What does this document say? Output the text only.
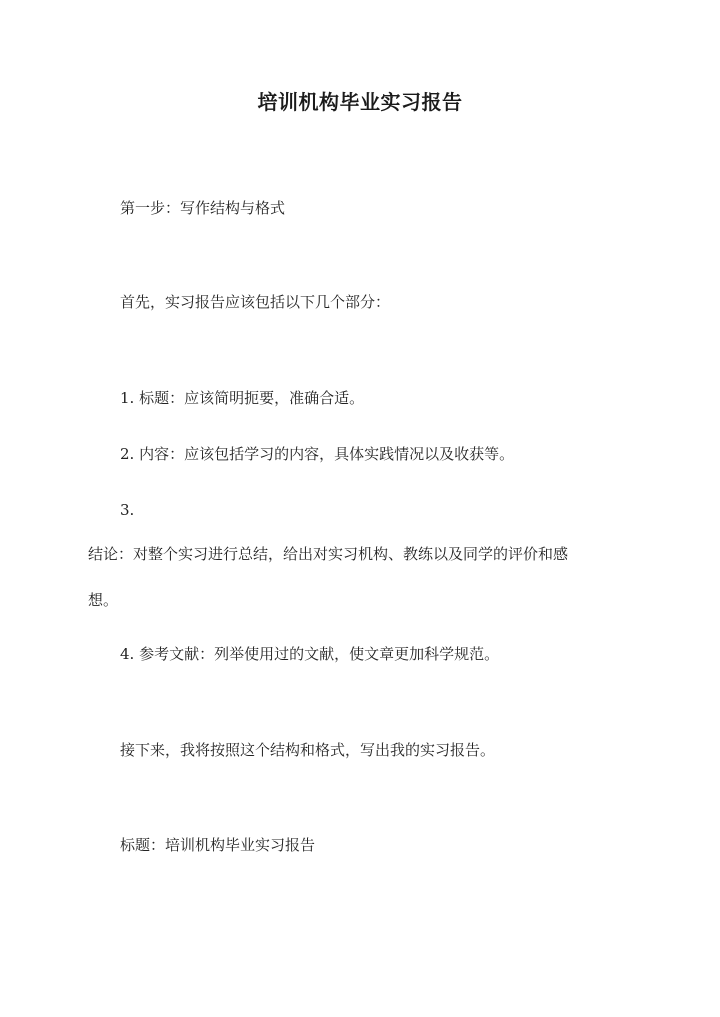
培训机构毕业实习报告
第一步：写作结构与格式
首先，实习报告应该包括以下几个部分：
1. 标题：应该简明扼要，准确合适。
2. 内容：应该包括学习的内容，具体实践情况以及收获等。
3.
结论：对整个实习进行总结，给出对实习机构、教练以及同学的评价和感
想。
4. 参考文献：列举使用过的文献，使文章更加科学规范。
接下来，我将按照这个结构和格式，写出我的实习报告。
标题：培训机构毕业实习报告
